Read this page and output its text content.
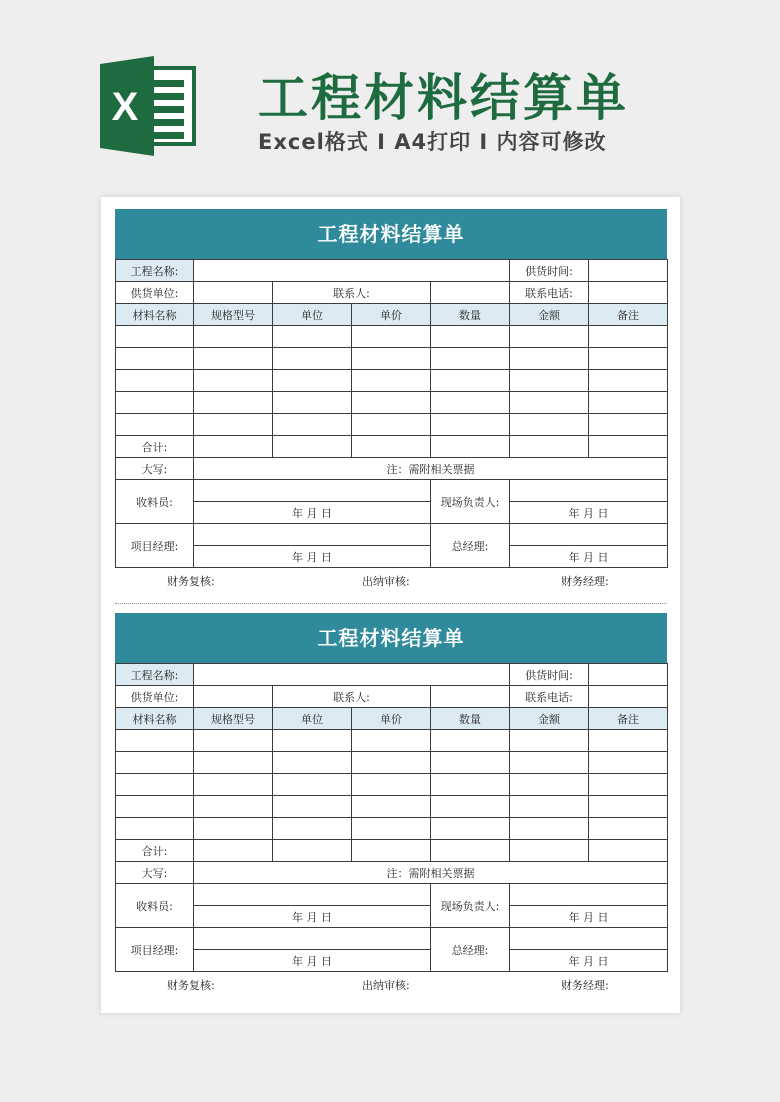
X 工程材料结算单
Excel格式 I A4打印 I 内容可修改
工程材料结算单
工程名称:					供货时间:	
供货单位:		联系人:			联系电话:	
材料名称	规格型号	单位	单价	数量	金额	备注

合计:						
大写:	注：需附相关票据					
收料员:				现场负责人:		
	年 月 日				年 月 日	
项目经理:				总经理:		
	年 月 日				年 月 日	
财务复核:	出纳审核:	财务经理:
工程材料结算单
工程名称:					供货时间:	
供货单位:		联系人:			联系电话:	
材料名称	规格型号	单位	单价	数量	金额	备注

合计:						
大写:	注：需附相关票据					
收料员:				现场负责人:		
	年 月 日				年 月 日	
项目经理:				总经理:		
	年 月 日				年 月 日	
财务复核:	出纳审核:	财务经理:
